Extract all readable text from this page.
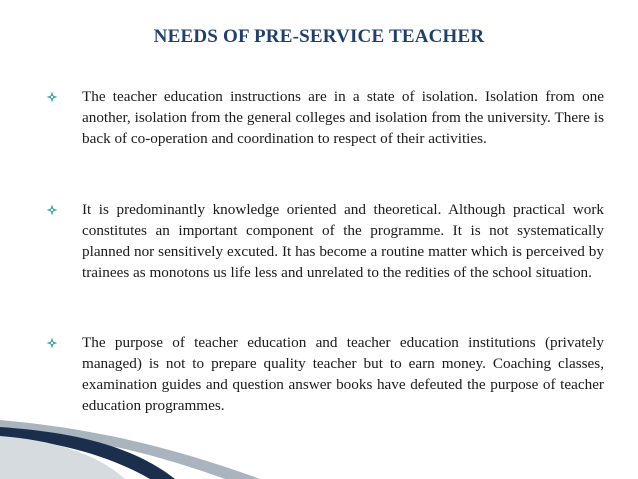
NEEDS OF PRE-SERVICE TEACHER

The teacher education instructions are in a state of isolation. Isolation from one another, isolation from the general colleges and isolation from the university. There is back of co-operation and coordination to respect of their activities.

It is predominantly knowledge oriented and theoretical. Although practical work constitutes an important component of the programme. It is not systematically planned nor sensitively excuted. It has become a routine matter which is perceived by trainees as monotons us life less and unrelated to the redities of the school situation.

The purpose of teacher education and teacher education institutions (privately managed) is not to prepare quality teacher but to earn money. Coaching classes, examination guides and question answer books have defeuted the purpose of teacher education programmes.
